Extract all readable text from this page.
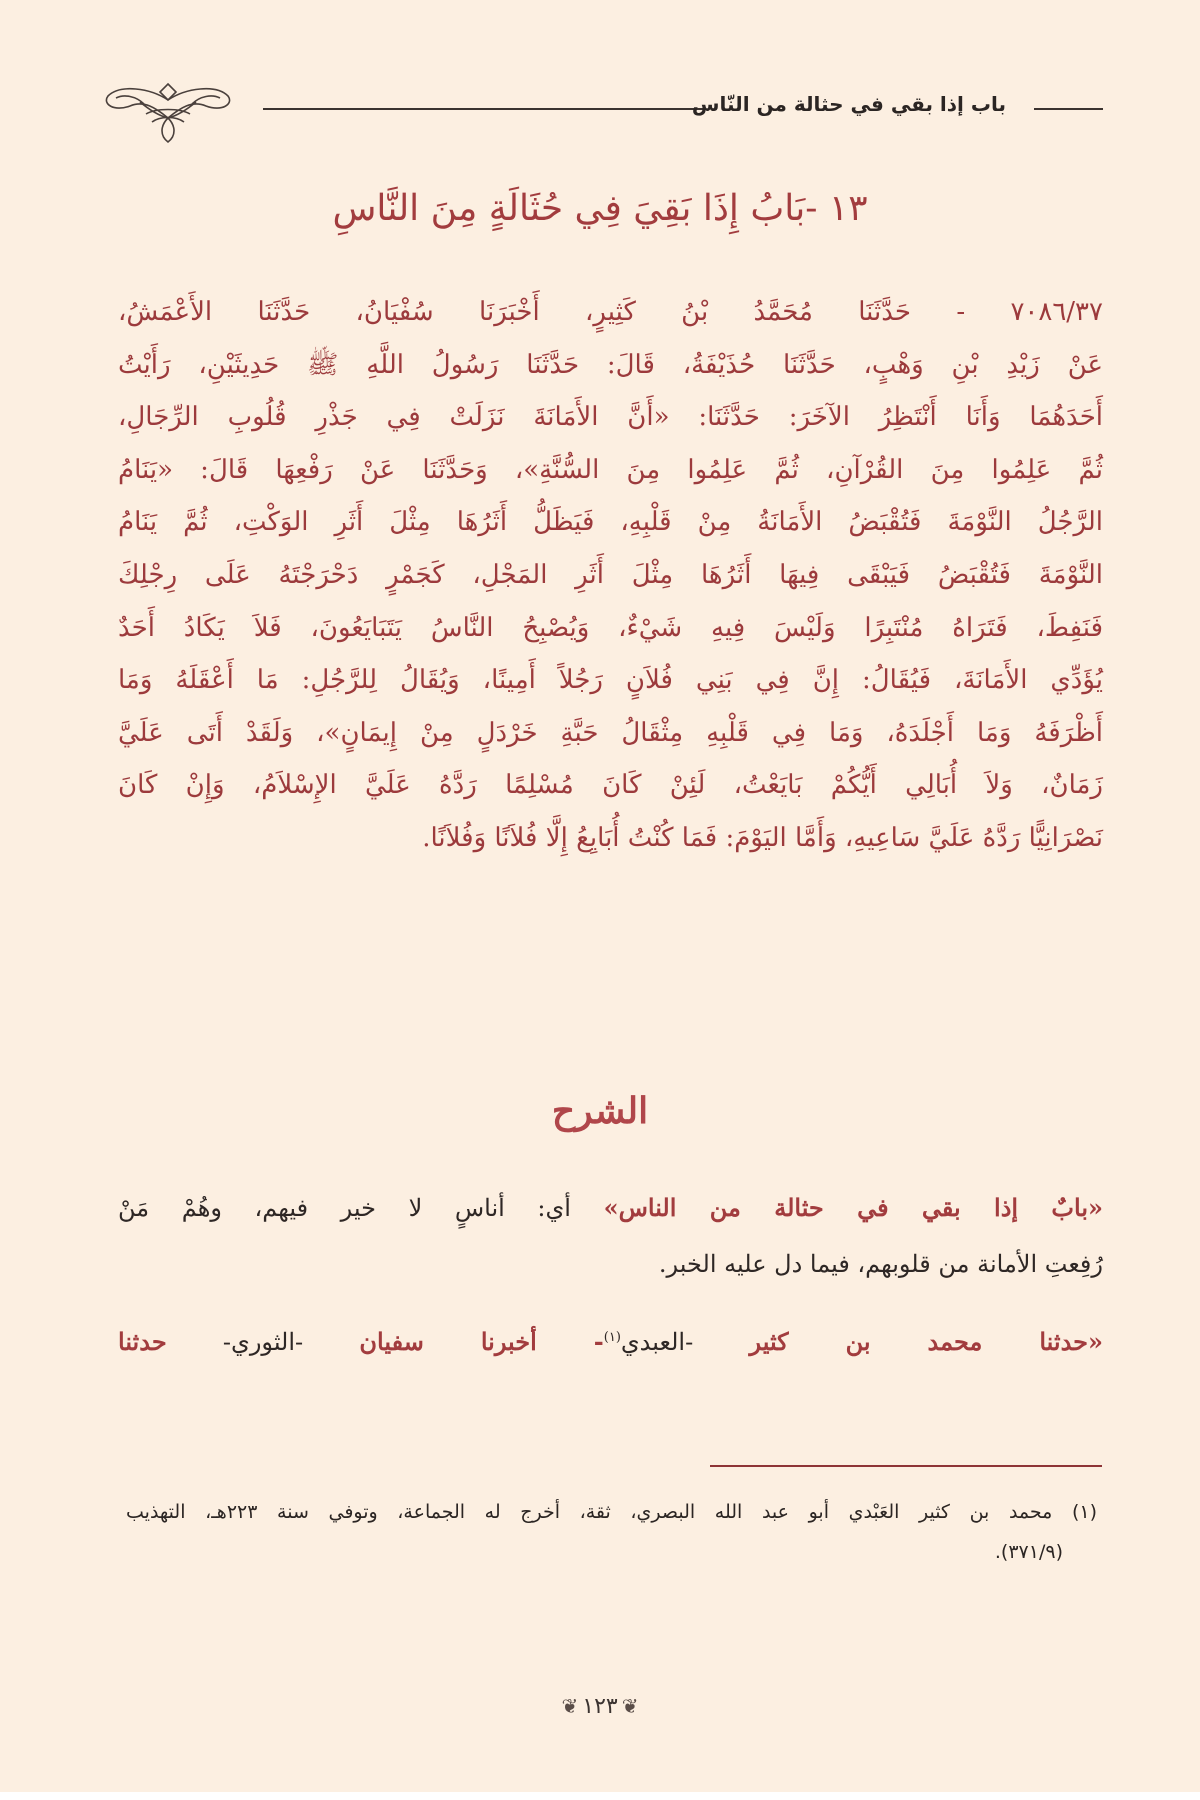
باب إذا بقي في حثالة من النّاس
١٣ -بَابُ إِذَا بَقِيَ فِي حُثَالَةٍ مِنَ النَّاسِ
٧٠٨٦/٣٧ - حَدَّثَنَا مُحَمَّدُ بْنُ كَثِيرٍ، أَخْبَرَنَا سُفْيَانُ، حَدَّثَنَا الأَعْمَشُ،
عَنْ زَيْدِ بْنِ وَهْبٍ، حَدَّثَنَا حُذَيْفَةُ، قَالَ: حَدَّثَنَا رَسُولُ اللَّهِ ﷺ حَدِيثَيْنِ، رَأَيْتُ
أَحَدَهُمَا وَأَنَا أَنْتَظِرُ الآخَرَ: حَدَّثَنَا: «أَنَّ الأَمَانَةَ نَزَلَتْ فِي جَذْرِ قُلُوبِ الرِّجَالِ،
ثُمَّ عَلِمُوا مِنَ القُرْآنِ، ثُمَّ عَلِمُوا مِنَ السُّنَّةِ»، وَحَدَّثَنَا عَنْ رَفْعِهَا قَالَ: «يَنَامُ
الرَّجُلُ النَّوْمَةَ فَتُقْبَضُ الأَمَانَةُ مِنْ قَلْبِهِ، فَيَظَلُّ أَثَرُهَا مِثْلَ أَثَرِ الوَكْتِ، ثُمَّ يَنَامُ
النَّوْمَةَ فَتُقْبَضُ فَيَبْقَى فِيهَا أَثَرُهَا مِثْلَ أَثَرِ المَجْلِ، كَجَمْرٍ دَحْرَجْتَهُ عَلَى رِجْلِكَ
فَنَفِطَ، فَتَرَاهُ مُنْتَبِرًا وَلَيْسَ فِيهِ شَيْءٌ، وَيُصْبِحُ النَّاسُ يَتَبَايَعُونَ، فَلاَ يَكَادُ أَحَدٌ
يُؤَدِّي الأَمَانَةَ، فَيُقَالُ: إِنَّ فِي بَنِي فُلاَنٍ رَجُلاً أَمِينًا، وَيُقَالُ لِلرَّجُلِ: مَا أَعْقَلَهُ وَمَا
أَظْرَفَهُ وَمَا أَجْلَدَهُ، وَمَا فِي قَلْبِهِ مِثْقَالُ حَبَّةِ خَرْدَلٍ مِنْ إِيمَانٍ»، وَلَقَدْ أَتَى عَلَيَّ
زَمَانٌ، وَلاَ أُبَالِي أَيُّكُمْ بَايَعْتُ، لَئِنْ كَانَ مُسْلِمًا رَدَّهُ عَلَيَّ الإِسْلاَمُ، وَإِنْ كَانَ
نَصْرَانِيًّا رَدَّهُ عَلَيَّ سَاعِيهِ، وَأَمَّا اليَوْمَ: فَمَا كُنْتُ أُبَايِعُ إِلَّا فُلاَنًا وَفُلاَنًا.
الشرح
«بابٌ إذا بقي في حثالة من الناس» أي: أناسٍ لا خير فيهم، وهُمْ مَنْ
رُفِعتِ الأمانة من قلوبهم، فيما دل عليه الخبر.
«حدثنا محمد بن كثير -العبدي$^{(١)}$- أخبرنا سفيان -الثوري- حدثنا
(١) محمد بن كثير العَبْدي أبو عبد الله البصري، ثقة، أخرج له الجماعة، وتوفي سنة ٢٢٣هـ، التهذيب
(٣٧١/٩).
❦ ١٢٣ ❦
